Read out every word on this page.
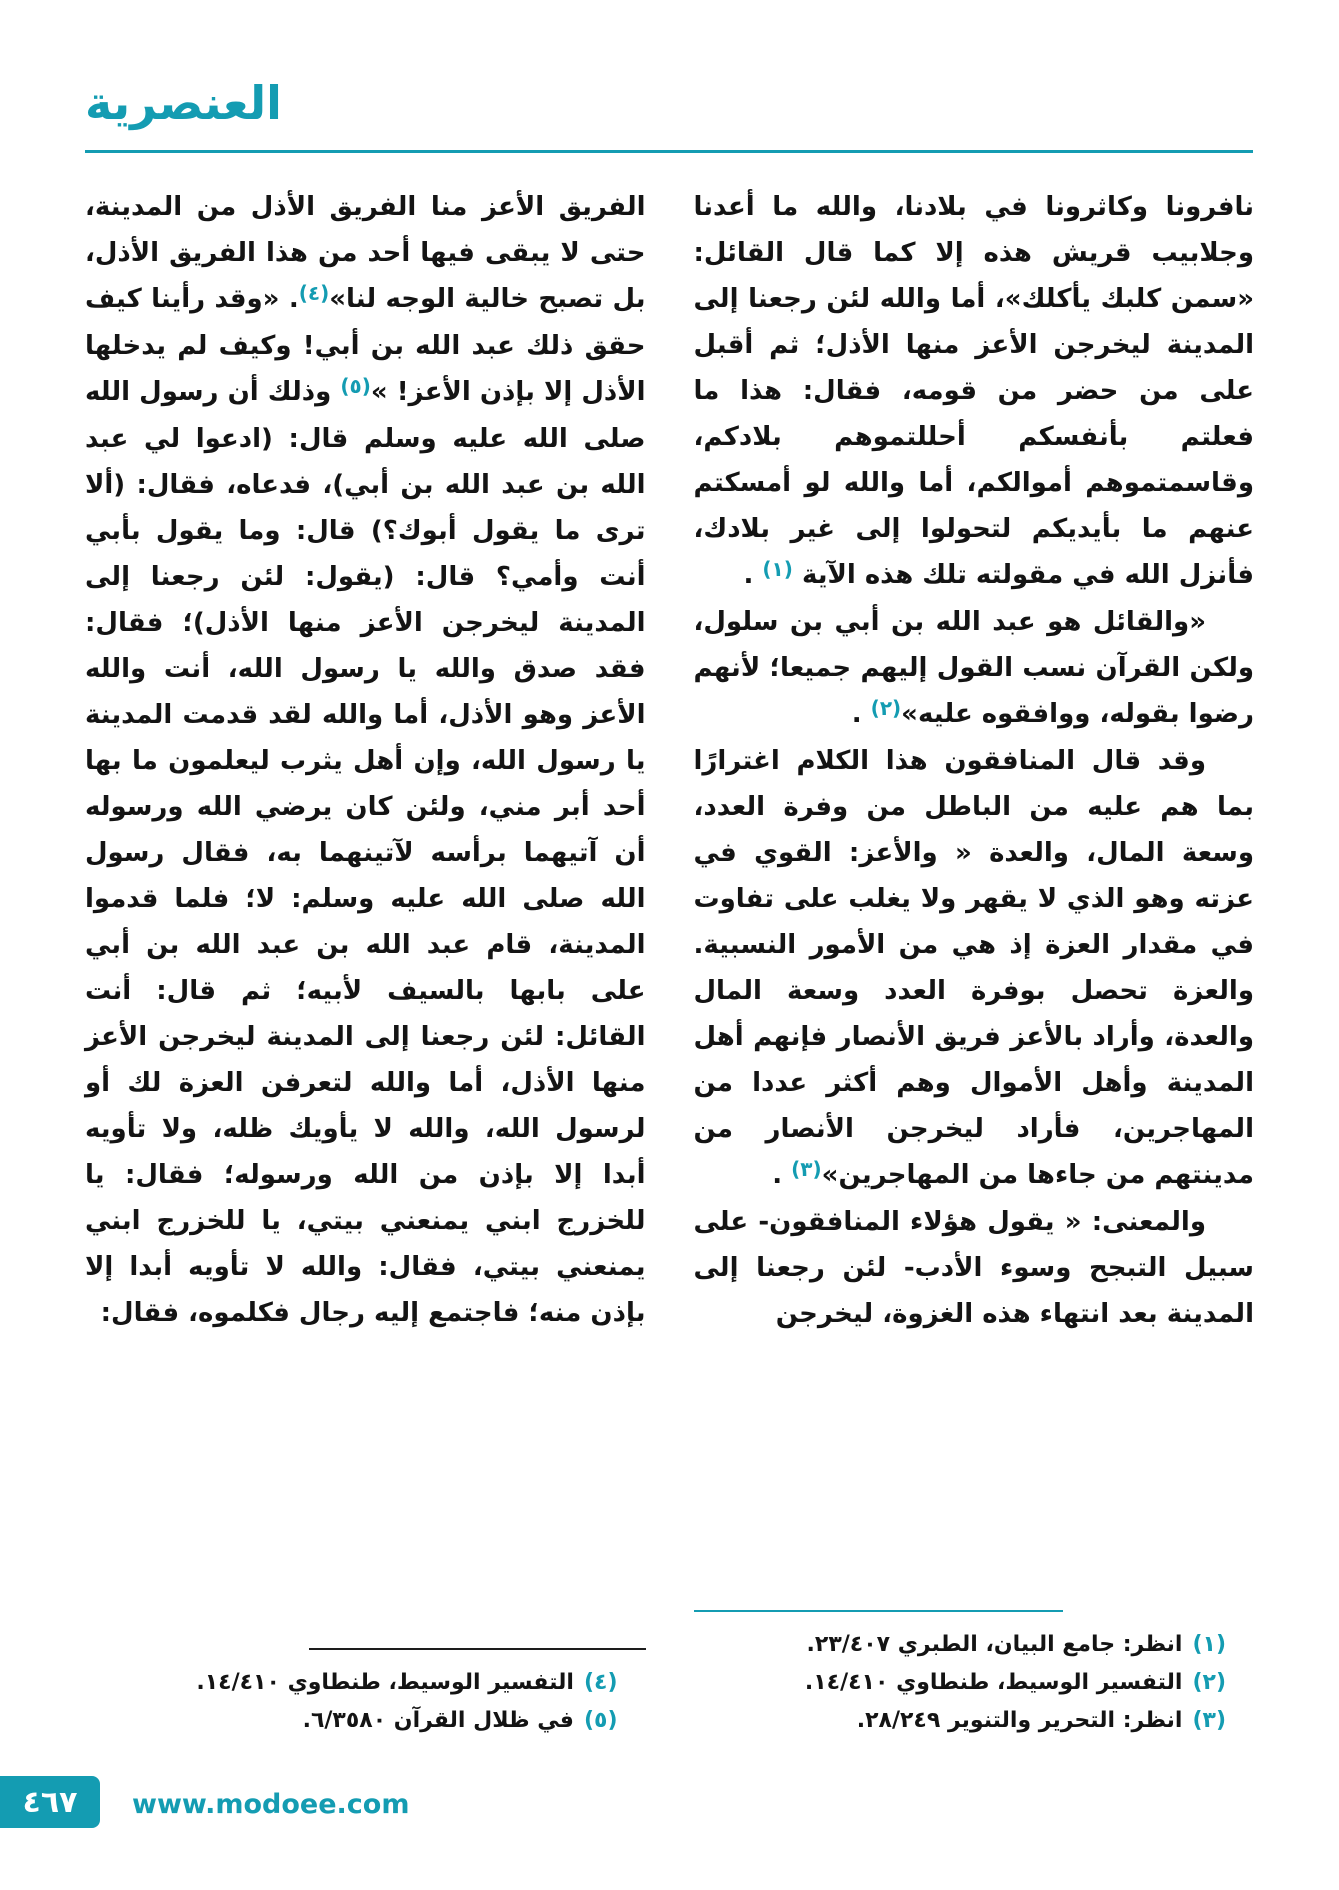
العنصرية

نافرونا وكاثرونا في بلادنا، والله ما أعدنا وجلابيب قريش هذه إلا كما قال القائل: «سمن كلبك يأكلك»، أما والله لئن رجعنا إلى المدينة ليخرجن الأعز منها الأذل؛ ثم أقبل على من حضر من قومه، فقال: هذا ما فعلتم بأنفسكم أحللتموهم بلادكم، وقاسمتموهم أموالكم، أما والله لو أمسكتم عنهم ما بأيديكم لتحولوا إلى غير بلادك، فأنزل الله في مقولته تلك هذه الآية $^{(١)}$ .

«والقائل هو عبد الله بن أبي بن سلول، ولكن القرآن نسب القول إليهم جميعا؛ لأنهم رضوا بقوله، ووافقوه عليه»$^{(٢)}$ .

وقد قال المنافقون هذا الكلام اغترارًا بما هم عليه من الباطل من وفرة العدد، وسعة المال، والعدة « والأعز: القوي في عزته وهو الذي لا يقهر ولا يغلب على تفاوت في مقدار العزة إذ هي من الأمور النسبية. والعزة تحصل بوفرة العدد وسعة المال والعدة، وأراد بالأعز فريق الأنصار فإنهم أهل المدينة وأهل الأموال وهم أكثر عددا من المهاجرين، فأراد ليخرجن الأنصار من مدينتهم من جاءها من المهاجرين»$^{(٣)}$ .

والمعنى: « يقول هؤلاء المنافقون- على سبيل التبجح وسوء الأدب- لئن رجعنا إلى المدينة بعد انتهاء هذه الغزوة، ليخرجن

(١)
انظر: جامع البيان، الطبري ٢٣/٤٠٧.
(٢)
التفسير الوسيط، طنطاوي ١٤/٤١٠.
(٣)
انظر: التحرير والتنوير ٢٨/٢٤٩.

الفريق الأعز منا الفريق الأذل من المدينة، حتى لا يبقى فيها أحد من هذا الفريق الأذل، بل تصبح خالية الوجه لنا»$^{(٤)}$. «وقد رأينا كيف حقق ذلك عبد الله بن أبي! وكيف لم يدخلها الأذل إلا بإذن الأعز! »$^{(٥)}$ وذلك أن رسول الله صلى الله عليه وسلم قال: (ادعوا لي عبد الله بن عبد الله بن أبي)، فدعاه، فقال: (ألا ترى ما يقول أبوك؟) قال: وما يقول بأبي أنت وأمي؟ قال: (يقول: لئن رجعنا إلى المدينة ليخرجن الأعز منها الأذل)؛ فقال: فقد صدق والله يا رسول الله، أنت والله الأعز وهو الأذل، أما والله لقد قدمت المدينة يا رسول الله، وإن أهل يثرب ليعلمون ما بها أحد أبر مني، ولئن كان يرضي الله ورسوله أن آتيهما برأسه لآتينهما به، فقال رسول الله صلى الله عليه وسلم: لا؛ فلما قدموا المدينة، قام عبد الله بن عبد الله بن أبي على بابها بالسيف لأبيه؛ ثم قال: أنت القائل: لئن رجعنا إلى المدينة ليخرجن الأعز منها الأذل، أما والله لتعرفن العزة لك أو لرسول الله، والله لا يأويك ظله، ولا تأويه أبدا إلا بإذن من الله ورسوله؛ فقال: يا للخزرج ابني يمنعني بيتي، يا للخزرج ابني يمنعني بيتي، فقال: والله لا تأويه أبدا إلا بإذن منه؛ فاجتمع إليه رجال فكلموه، فقال:

(٤)
التفسير الوسيط، طنطاوي ١٤/٤١٠.
(٥)
في ظلال القرآن ٦/٣٥٨٠.
٤٦٧	www.modoee.com
